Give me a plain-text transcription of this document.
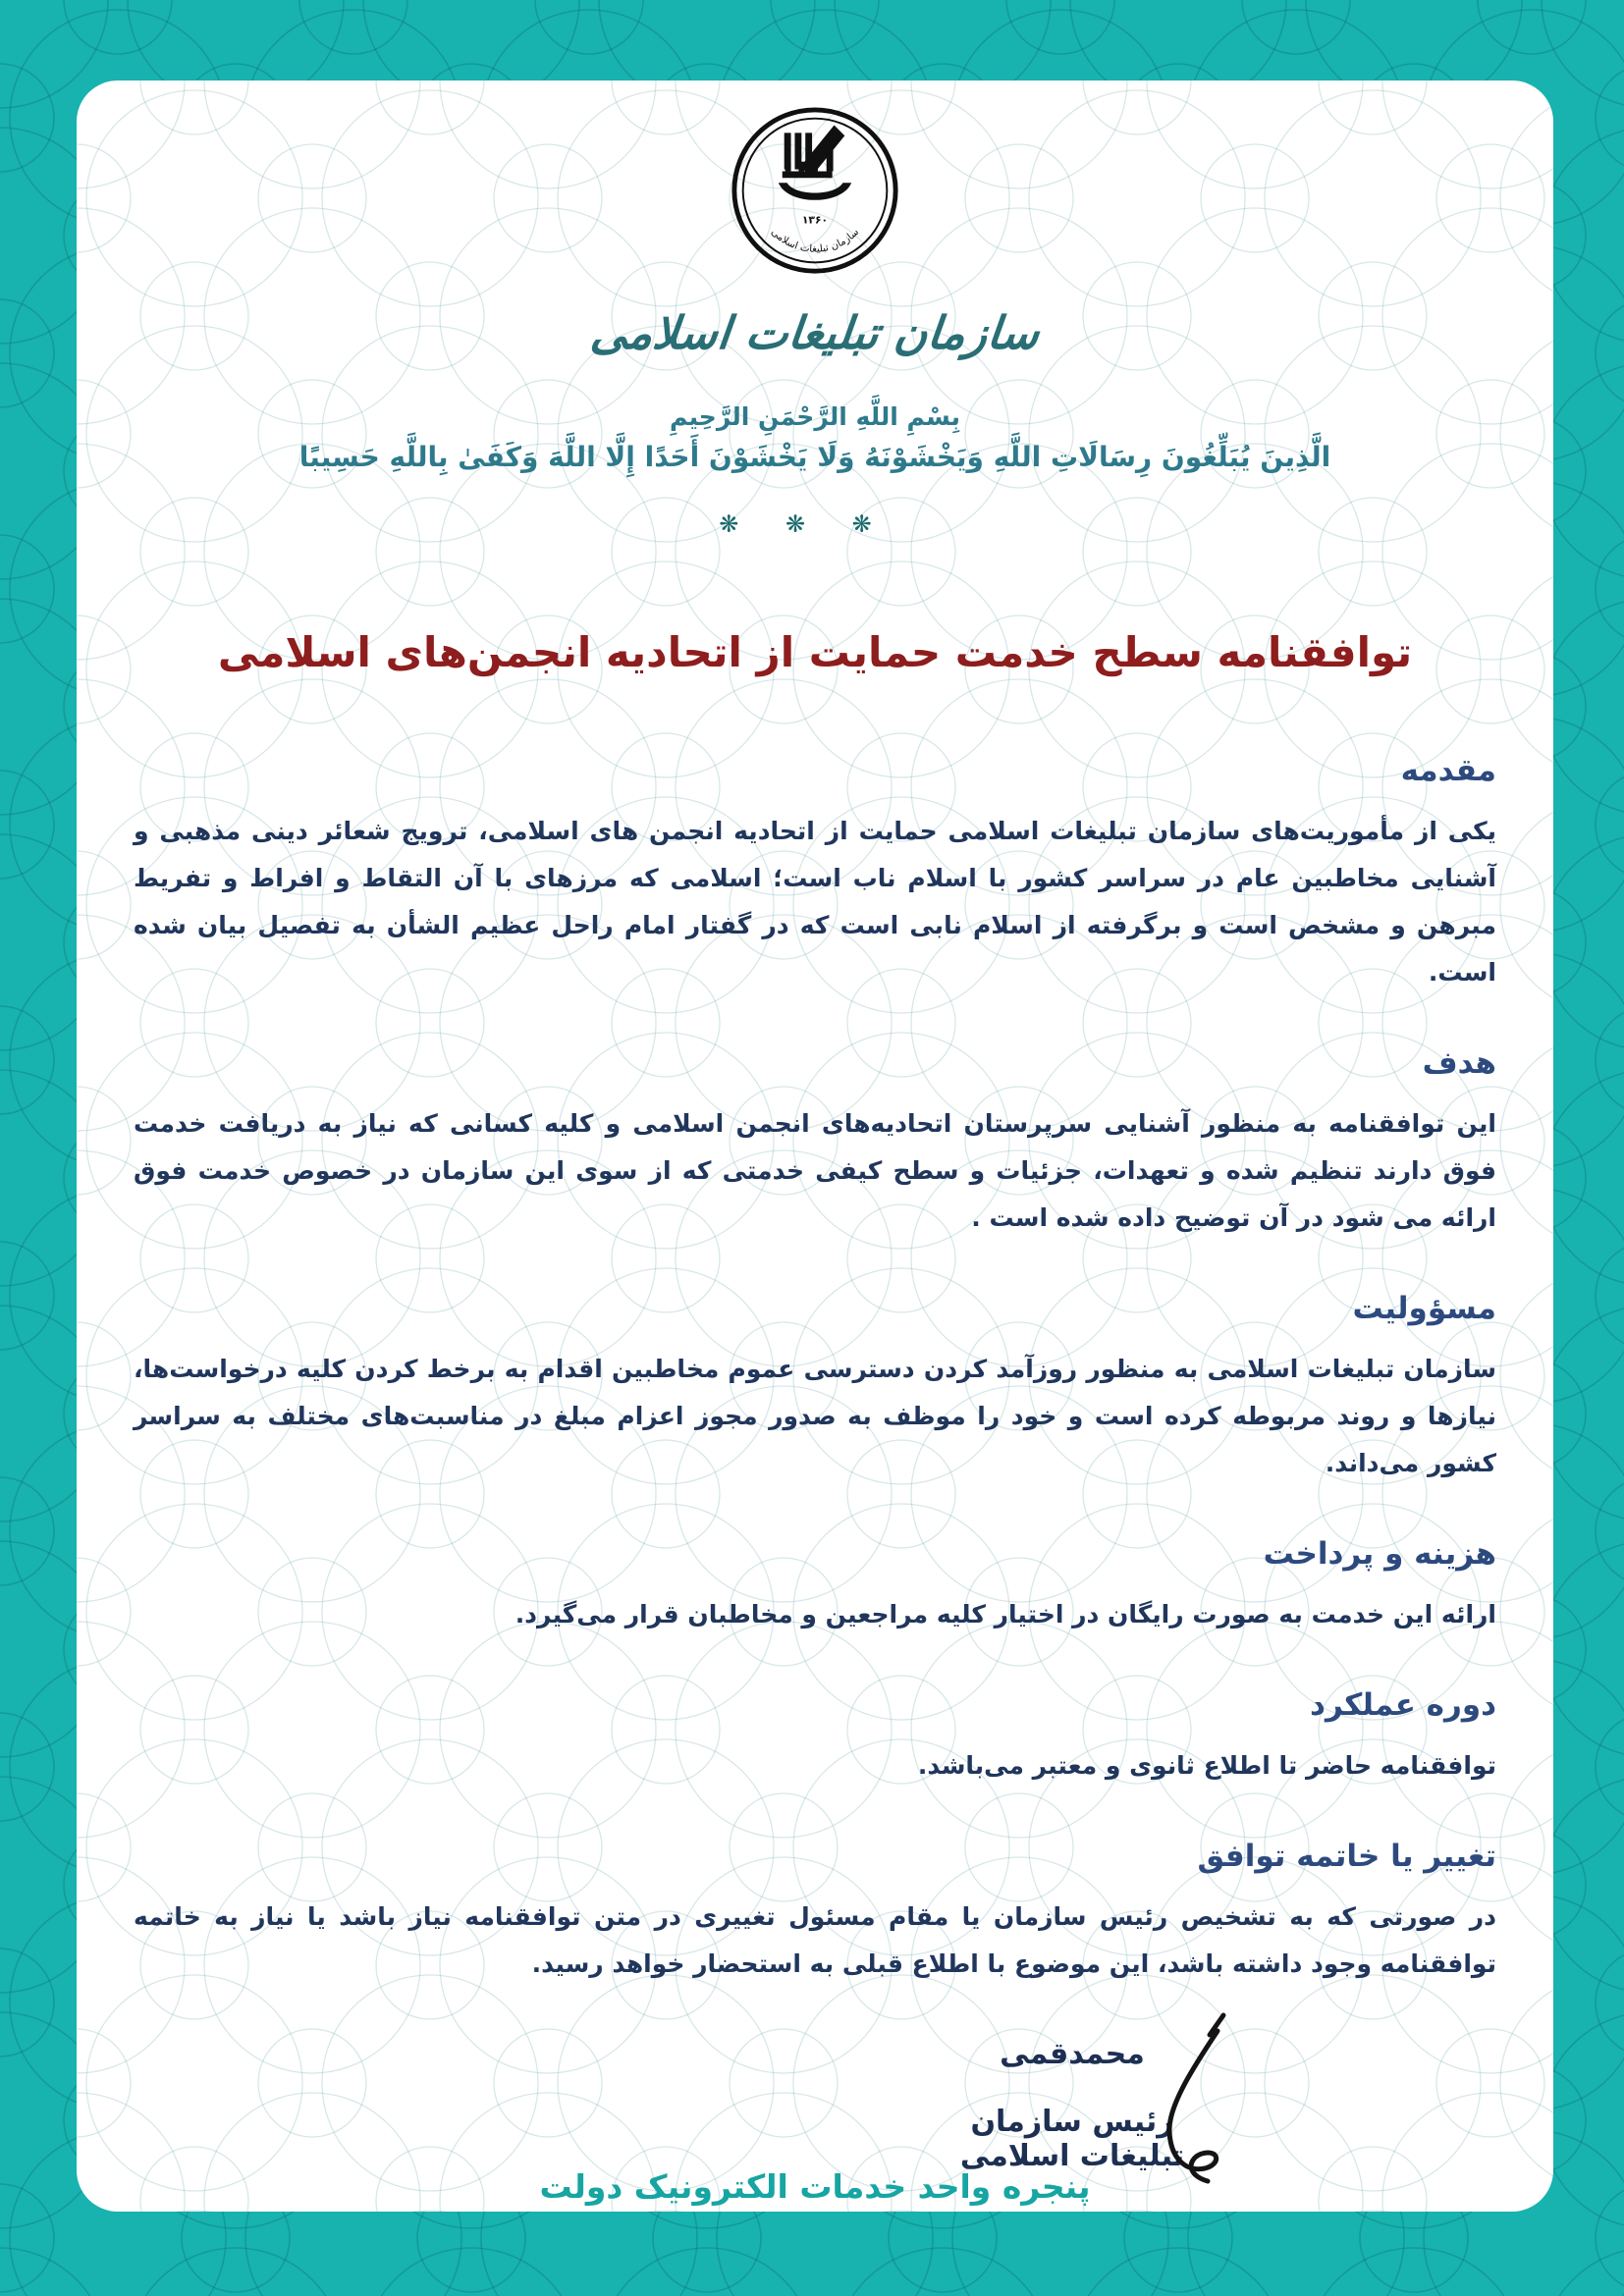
۱۳۶۰
سازمان تبلیغات اسلامی
سازمان تبلیغات اسلامی
بِسْمِ اللَّهِ الرَّحْمَنِ الرَّحِيمِ
الَّذِينَ يُبَلِّغُونَ رِسَالَاتِ اللَّهِ وَيَخْشَوْنَهُ وَلَا يَخْشَوْنَ أَحَدًا إِلَّا اللَّهَ وَكَفَىٰ بِاللَّهِ حَسِيبًا
❋ ❋ ❋
توافقنامه سطح خدمت حمایت از اتحادیه انجمن‌های اسلامی
مقدمه

یکی از مأموریت‌های سازمان تبلیغات اسلامی حمایت از اتحادیه انجمن های اسلامی، ترویج شعائر دینی مذهبی و آشنایی مخاطبین عام در سراسر کشور با اسلام ناب است؛ اسلامی که مرزهای با آن التقاط و افراط و تفریط مبرهن و مشخص است و برگرفته از اسلام نابی است که در گفتار امام راحل عظیم الشأن به تفصیل بیان شده است.

هدف

این توافقنامه به منظور آشنایی سرپرستان اتحادیه‌های انجمن اسلامی و کلیه کسانی که نیاز به دریافت خدمت فوق دارند تنظیم شده و تعهدات، جزئیات و سطح کیفی خدمتی که از سوی این سازمان در خصوص خدمت فوق ارائه می شود در آن توضیح داده شده است .

مسؤولیت

سازمان تبلیغات اسلامی به منظور روزآمد کردن دسترسی عموم مخاطبین اقدام به برخط کردن کلیه درخواست‌ها، نیازها و روند مربوطه کرده است و خود را موظف به صدور مجوز اعزام مبلغ در مناسبت‌های مختلف به سراسر کشور می‌داند.

هزینه و پرداخت

ارائه این خدمت به صورت رایگان در اختیار کلیه مراجعین و مخاطبان قرار می‌گیرد.

دوره عملکرد

توافقنامه حاضر تا اطلاع ثانوی و معتبر می‌باشد.

تغییر یا خاتمه توافق

در صورتی که به تشخیص رئیس سازمان یا مقام مسئول تغییری در متن توافقنامه نیاز باشد یا نیاز به خاتمه توافقنامه وجود داشته باشد، این موضوع با اطلاع قبلی به استحضار خواهد رسید.

محمدقمی
رئیس سازمان تبلیغات اسلامی
پنجره واحد خدمات الکترونیک دولت
